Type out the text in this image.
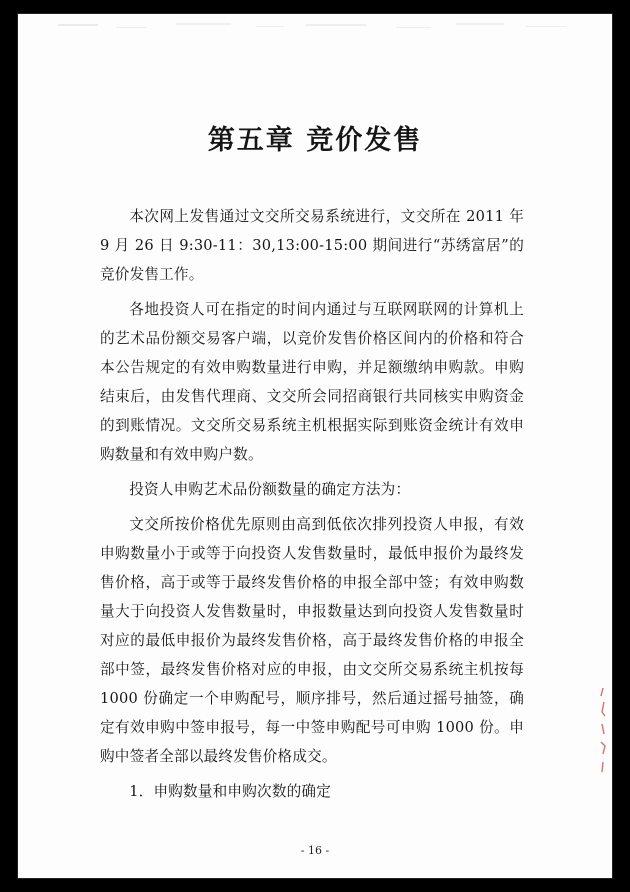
第五章 竞价发售

本次网上发售通过文交所交易系统进行，文交所在 2011 年 9 月 26 日 9:30-11：30,13:00-15:00 期间进行“苏绣富居”的竞价发售工作。

各地投资人可在指定的时间内通过与互联网联网的计算机上的艺术品份额交易客户端，以竞价发售价格区间内的价格和符合本公告规定的有效申购数量进行申购，并足额缴纳申购款。申购结束后，由发售代理商、文交所会同招商银行共同核实申购资金的到账情况。文交所交易系统主机根据实际到账资金统计有效申购数量和有效申购户数。

投资人申购艺术品份额数量的确定方法为：

文交所按价格优先原则由高到低依次排列投资人申报，有效申购数量小于或等于向投资人发售数量时，最低申报价为最终发售价格，高于或等于最终发售价格的申报全部中签；有效申购数量大于向投资人发售数量时，申报数量达到向投资人发售数量时对应的最低申报价为最终发售价格，高于最终发售价格的申报全部中签，最终发售价格对应的申报，由文交所交易系统主机按每 1000 份确定一个申购配号，顺序排号，然后通过摇号抽签，确定有效申购中签申报号，每一中签申购配号可申购 1000 份。申购中签者全部以最终发售价格成交。

1．申购数量和申购次数的确定

- 16 -
